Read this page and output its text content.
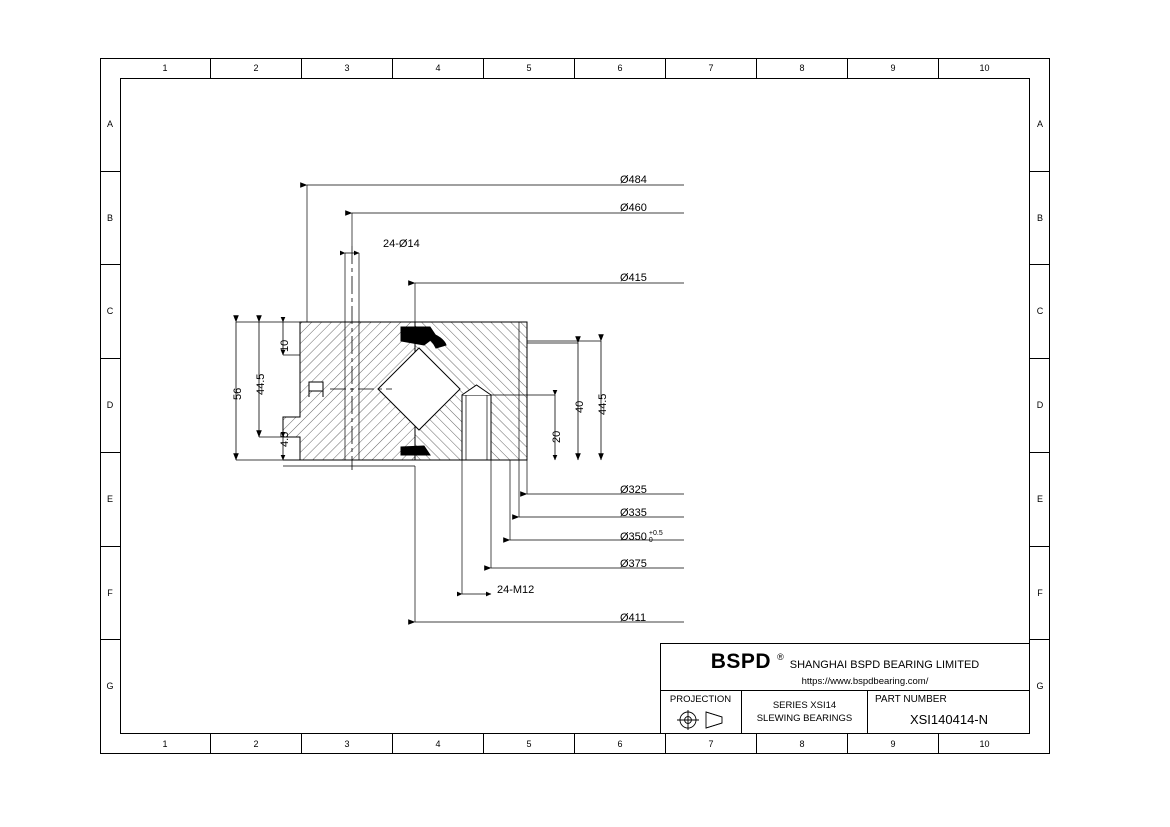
1	2	3	4	5	6	7	8	9	10
1	2	3	4	5	6	7	8	9	10
A
B
C
D
E
F
G
A
B
C
D
E
F
G
Ø484
Ø460
24-Ø14
Ø415
Ø325
Ø335
Ø350 +0.5
0
Ø375
24-M12
Ø411
56 44.5
10
4.5
40 44.5
20
BSPD ®
SHANGHAI BSPD BEARING LIMITED
https://www.bspdbearing.com/
PROJECTION
SERIES XSI14
SLEWING BEARINGS
PART NUMBER
XSI140414-N
